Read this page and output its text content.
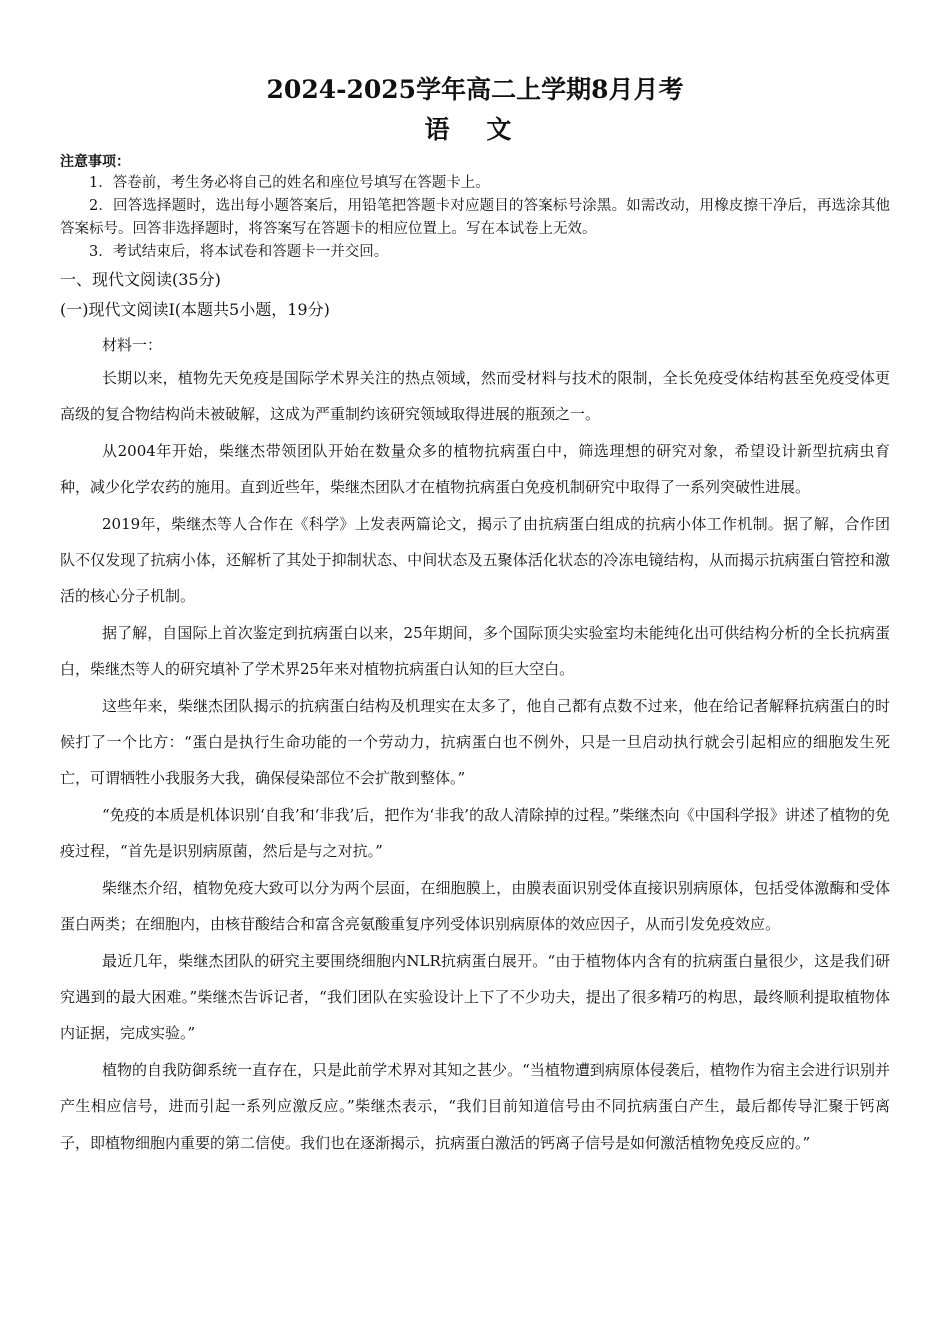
2024-2025学年高二上学期8月月考
语 文

注意事项：

1．答卷前，考生务必将自己的姓名和座位号填写在答题卡上。

2．回答选择题时，选出每小题答案后，用铅笔把答题卡对应题目的答案标号涂黑。如需改动，用橡皮擦干净后，再选涂其他答案标号。回答非选择题时，将答案写在答题卡的相应位置上。写在本试卷上无效。

3．考试结束后，将本试卷和答题卡一并交回。

一、现代文阅读(35分)

(一)现代文阅读Ⅰ(本题共5小题，19分)

材料一：

长期以来，植物先天免疫是国际学术界关注的热点领域，然而受材料与技术的限制，全长免疫受体结构甚至免疫受体更高级的复合物结构尚未被破解，这成为严重制约该研究领域取得进展的瓶颈之一。

从2004年开始，柴继杰带领团队开始在数量众多的植物抗病蛋白中，筛选理想的研究对象，希望设计新型抗病虫育种，减少化学农药的施用。直到近些年，柴继杰团队才在植物抗病蛋白免疫机制研究中取得了一系列突破性进展。

2019年，柴继杰等人合作在《科学》上发表两篇论文，揭示了由抗病蛋白组成的抗病小体工作机制。据了解，合作团队不仅发现了抗病小体，还解析了其处于抑制状态、中间状态及五聚体活化状态的冷冻电镜结构，从而揭示抗病蛋白管控和激活的核心分子机制。

据了解，自国际上首次鉴定到抗病蛋白以来，25年期间，多个国际顶尖实验室均未能纯化出可供结构分析的全长抗病蛋白，柴继杰等人的研究填补了学术界25年来对植物抗病蛋白认知的巨大空白。

这些年来，柴继杰团队揭示的抗病蛋白结构及机理实在太多了，他自己都有点数不过来，他在给记者解释抗病蛋白的时候打了一个比方：“蛋白是执行生命功能的一个劳动力，抗病蛋白也不例外，只是一旦启动执行就会引起相应的细胞发生死亡，可谓牺牲小我服务大我，确保侵染部位不会扩散到整体。”

“免疫的本质是机体识别‘自我’和‘非我’后，把作为‘非我’的敌人清除掉的过程。”柴继杰向《中国科学报》讲述了植物的免疫过程，“首先是识别病原菌，然后是与之对抗。”

柴继杰介绍，植物免疫大致可以分为两个层面，在细胞膜上，由膜表面识别受体直接识别病原体，包括受体激酶和受体蛋白两类；在细胞内，由核苷酸结合和富含亮氨酸重复序列受体识别病原体的效应因子，从而引发免疫效应。

最近几年，柴继杰团队的研究主要围绕细胞内NLR抗病蛋白展开。“由于植物体内含有的抗病蛋白量很少，这是我们研究遇到的最大困难。”柴继杰告诉记者，“我们团队在实验设计上下了不少功夫，提出了很多精巧的构思，最终顺利提取植物体内证据，完成实验。”

植物的自我防御系统一直存在，只是此前学术界对其知之甚少。“当植物遭到病原体侵袭后，植物作为宿主会进行识别并产生相应信号，进而引起一系列应激反应。”柴继杰表示，“我们目前知道信号由不同抗病蛋白产生，最后都传导汇聚于钙离子，即植物细胞内重要的第二信使。我们也在逐渐揭示，抗病蛋白激活的钙离子信号是如何激活植物免疫反应的。”
